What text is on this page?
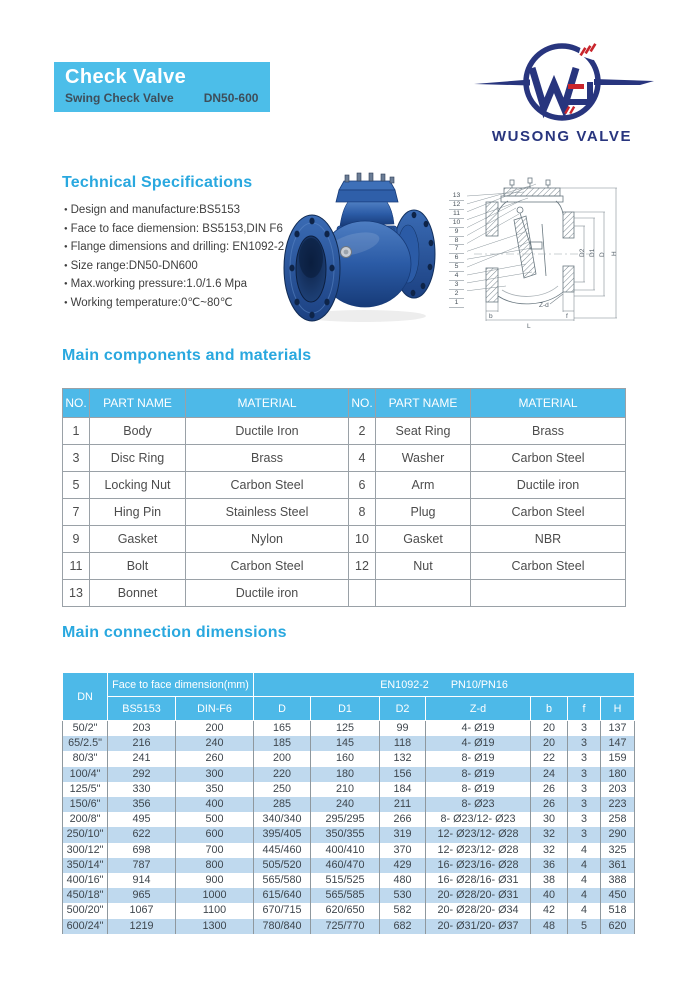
Check Valve
Swing Check Valve	DN50-600
WUSONG VALVE
Technical Specifications
● Design and manufacture:BS5153
● Face to face diemension: BS5153,DIN F6
● Flange dimensions and drilling: EN1092-2
● Size range:DN50-DN600
● Max.working pressure:1.0/1.6 Mpa
● Working temperature:0℃~80℃
L
b	f
Z-d
D2 D1 D H
13
12
11
10
9
8
7
6
5
4
3
2
1
Main components and materials
NO.	PART NAME	MATERIAL	NO.	PART NAME	MATERIAL
1	Body	Ductile Iron	2	Seat Ring	Brass
3	Disc Ring	Brass	4	Washer	Carbon Steel
5	Locking Nut	Carbon Steel	6	Arm	Ductile iron
7	Hing Pin	Stainless Steel	8	Plug	Carbon Steel
9	Gasket	Nylon	10	Gasket	NBR
11	Bolt	Carbon Steel	12	Nut	Carbon Steel
13	Bonnet	Ductile iron			
Main connection dimensions
DN	Face to face dimension(mm)		EN1092-2 PN10/PN16						
	BS5153	DIN-F6	D	D1	D2	Z-d	b	f	H
50/2"	203	200	165	125	99	4- Ø19	20	3	137
65/2.5"	216	240	185	145	118	4- Ø19	20	3	147
80/3"	241	260	200	160	132	8- Ø19	22	3	159
100/4"	292	300	220	180	156	8- Ø19	24	3	180
125/5"	330	350	250	210	184	8- Ø19	26	3	203
150/6"	356	400	285	240	211	8- Ø23	26	3	223
200/8"	495	500	340/340	295/295	266	8- Ø23/12- Ø23	30	3	258
250/10"	622	600	395/405	350/355	319	12- Ø23/12- Ø28	32	3	290
300/12"	698	700	445/460	400/410	370	12- Ø23/12- Ø28	32	4	325
350/14"	787	800	505/520	460/470	429	16- Ø23/16- Ø28	36	4	361
400/16"	914	900	565/580	515/525	480	16- Ø28/16- Ø31	38	4	388
450/18"	965	1000	615/640	565/585	530	20- Ø28/20- Ø31	40	4	450
500/20"	1067	1100	670/715	620/650	582	20- Ø28/20- Ø34	42	4	518
600/24"	1219	1300	780/840	725/770	682	20- Ø31/20- Ø37	48	5	620
